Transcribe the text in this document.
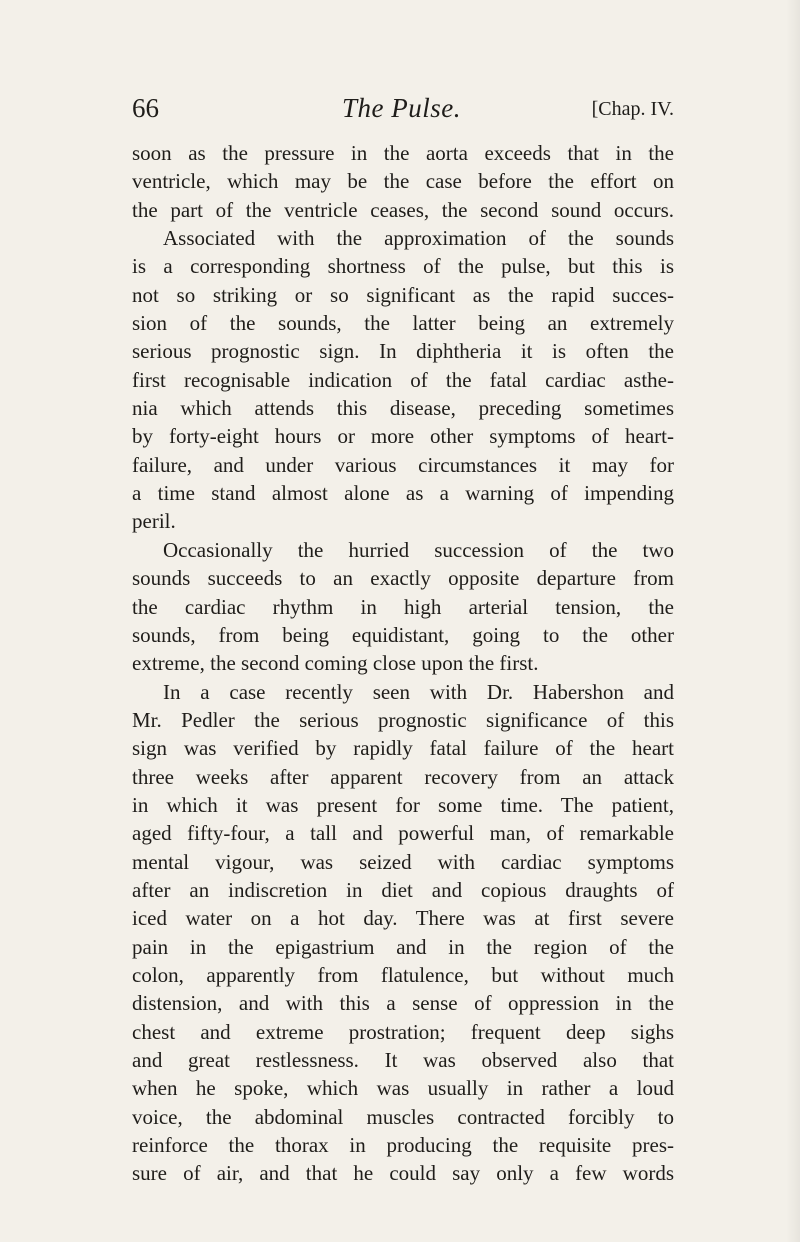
66	The Pulse.	[Chap. IV.
soon as the pressure in the aorta exceeds that in the
ventricle, which may be the case before the effort on
the part of the ventricle ceases, the second sound occurs.
Associated with the approximation of the sounds
is a corresponding shortness of the pulse, but this is
not so striking or so significant as the rapid succes-
sion of the sounds, the latter being an extremely
serious prognostic sign. In diphtheria it is often the
first recognisable indication of the fatal cardiac asthe-
nia which attends this disease, preceding sometimes
by forty-eight hours or more other symptoms of heart-
failure, and under various circumstances it may for
a time stand almost alone as a warning of impending
peril.
Occasionally the hurried succession of the two
sounds succeeds to an exactly opposite departure from
the cardiac rhythm in high arterial tension, the
sounds, from being equidistant, going to the other
extreme, the second coming close upon the first.
In a case recently seen with Dr. Habershon and
Mr. Pedler the serious prognostic significance of this
sign was verified by rapidly fatal failure of the heart
three weeks after apparent recovery from an attack
in which it was present for some time. The patient,
aged fifty-four, a tall and powerful man, of remarkable
mental vigour, was seized with cardiac symptoms
after an indiscretion in diet and copious draughts of
iced water on a hot day. There was at first severe
pain in the epigastrium and in the region of the
colon, apparently from flatulence, but without much
distension, and with this a sense of oppression in the
chest and extreme prostration; frequent deep sighs
and great restlessness. It was observed also that
when he spoke, which was usually in rather a loud
voice, the abdominal muscles contracted forcibly to
reinforce the thorax in producing the requisite pres-
sure of air, and that he could say only a few words
